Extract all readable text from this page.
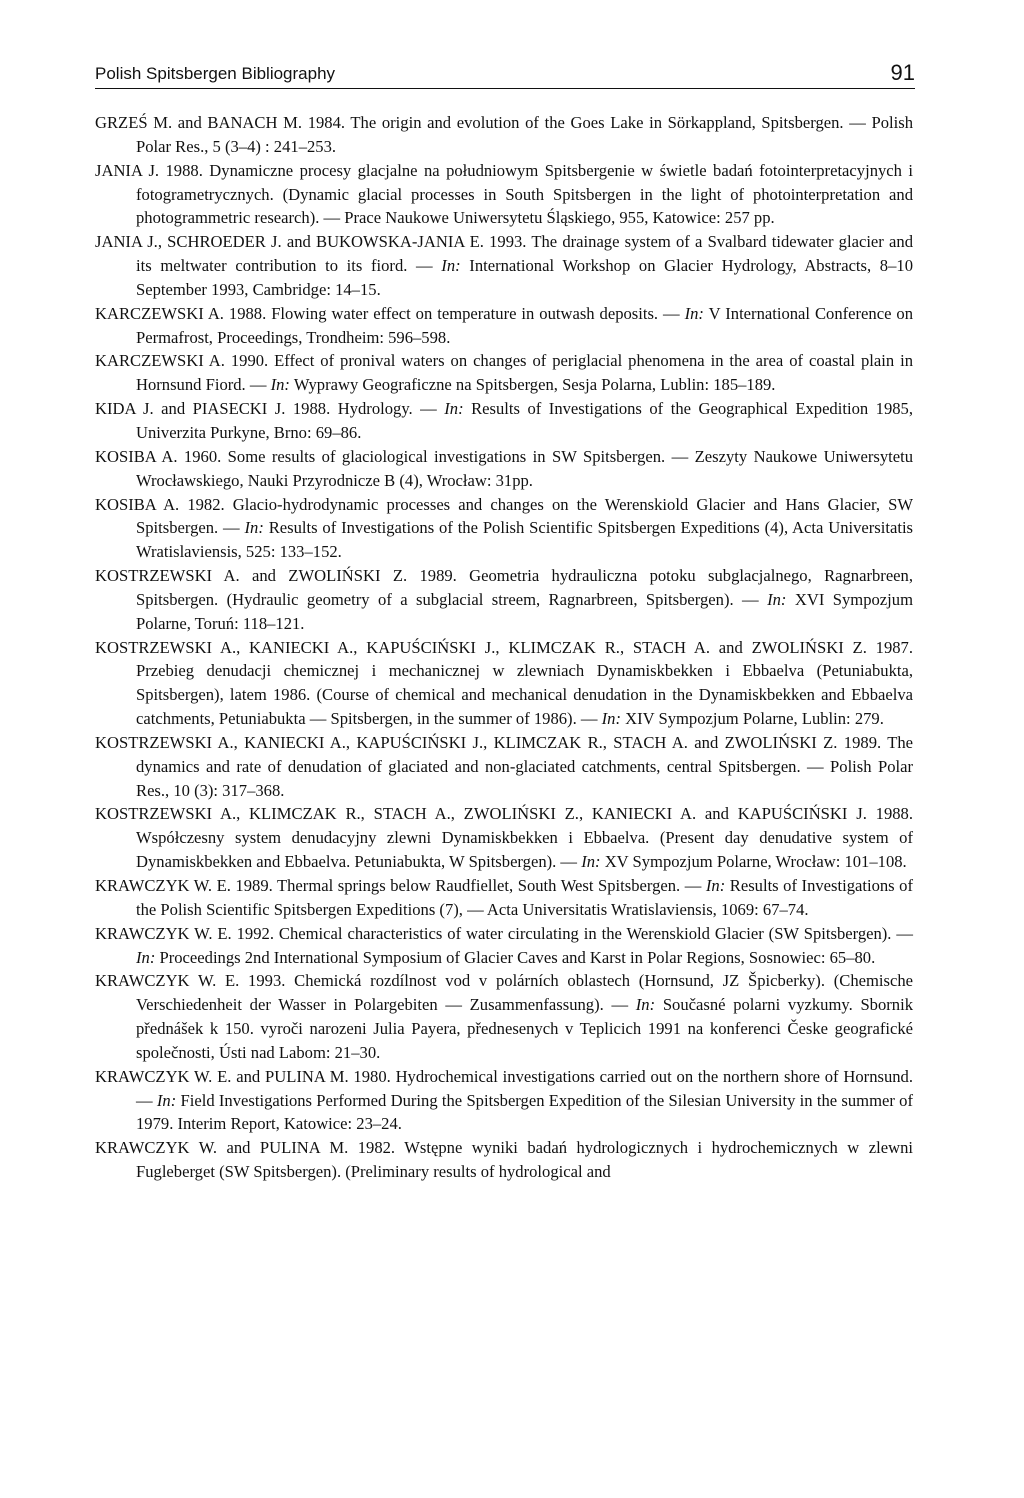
Polish Spitsbergen Bibliography	91
GRZEŚ M. and BANACH M. 1984. The origin and evolution of the Goes Lake in Sörkappland, Spitsbergen. — Polish Polar Res., 5 (3–4) : 241–253.
JANIA J. 1988. Dynamiczne procesy glacjalne na południowym Spitsbergenie w świetle badań fotointerpretacyjnych i fotogrametrycznych. (Dynamic glacial processes in South Spitsbergen in the light of photointerpretation and photogrammetric research). — Prace Naukowe Uniwersytetu Śląskiego, 955, Katowice: 257 pp.
JANIA J., SCHROEDER J. and BUKOWSKA-JANIA E. 1993. The drainage system of a Svalbard tidewater glacier and its meltwater contribution to its fiord. — In: International Workshop on Glacier Hydrology, Abstracts, 8–10 September 1993, Cambridge: 14–15.
KARCZEWSKI A. 1988. Flowing water effect on temperature in outwash deposits. — In: V International Conference on Permafrost, Proceedings, Trondheim: 596–598.
KARCZEWSKI A. 1990. Effect of pronival waters on changes of periglacial phenomena in the area of coastal plain in Hornsund Fiord. — In: Wyprawy Geograficzne na Spitsbergen, Sesja Polarna, Lublin: 185–189.
KIDA J. and PIASECKI J. 1988. Hydrology. — In: Results of Investigations of the Geographical Expedition 1985, Univerzita Purkyne, Brno: 69–86.
KOSIBA A. 1960. Some results of glaciological investigations in SW Spitsbergen. — Zeszyty Naukowe Uniwersytetu Wrocławskiego, Nauki Przyrodnicze B (4), Wrocław: 31pp.
KOSIBA A. 1982. Glacio-hydrodynamic processes and changes on the Werenskiold Glacier and Hans Glacier, SW Spitsbergen. — In: Results of Investigations of the Polish Scientific Spitsbergen Expeditions (4), Acta Universitatis Wratislaviensis, 525: 133–152.
KOSTRZEWSKI A. and ZWOLIŃSKI Z. 1989. Geometria hydrauliczna potoku subglacjalnego, Ragnarbreen, Spitsbergen. (Hydraulic geometry of a subglacial streem, Ragnarbreen, Spitsbergen). — In: XVI Sympozjum Polarne, Toruń: 118–121.
KOSTRZEWSKI A., KANIECKI A., KAPUŚCIŃSKI J., KLIMCZAK R., STACH A. and ZWOLIŃSKI Z. 1987. Przebieg denudacji chemicznej i mechanicznej w zlewniach Dynamiskbekken i Ebbaelva (Petuniabukta, Spitsbergen), latem 1986. (Course of chemical and mechanical denudation in the Dynamiskbekken and Ebbaelva catchments, Petuniabukta — Spitsbergen, in the summer of 1986). — In: XIV Sympozjum Polarne, Lublin: 279.
KOSTRZEWSKI A., KANIECKI A., KAPUŚCIŃSKI J., KLIMCZAK R., STACH A. and ZWOLIŃSKI Z. 1989. The dynamics and rate of denudation of glaciated and non-glaciated catchments, central Spitsbergen. — Polish Polar Res., 10 (3): 317–368.
KOSTRZEWSKI A., KLIMCZAK R., STACH A., ZWOLIŃSKI Z., KANIECKI A. and KAPUŚCIŃSKI J. 1988. Współczesny system denudacyjny zlewni Dynamiskbekken i Ebbaelva. (Present day denudative system of Dynamiskbekken and Ebbaelva. Petuniabukta, W Spitsbergen). — In: XV Sympozjum Polarne, Wrocław: 101–108.
KRAWCZYK W. E. 1989. Thermal springs below Raudfiellet, South West Spitsbergen. — In: Results of Investigations of the Polish Scientific Spitsbergen Expeditions (7), — Acta Universitatis Wratislaviensis, 1069: 67–74.
KRAWCZYK W. E. 1992. Chemical characteristics of water circulating in the Werenskiold Glacier (SW Spitsbergen). — In: Proceedings 2nd International Symposium of Glacier Caves and Karst in Polar Regions, Sosnowiec: 65–80.
KRAWCZYK W. E. 1993. Chemická rozdílnost vod v polárních oblastech (Hornsund, JZ Špicberky). (Chemische Verschiedenheit der Wasser in Polargebiten — Zusammenfassung). — In: Současné polarni vyzkumy. Sbornik přednášek k 150. vyroči narozeni Julia Payera, přednesenych v Teplicich 1991 na konferenci Česke geografické společnosti, Ústi nad Labom: 21–30.
KRAWCZYK W. E. and PULINA M. 1980. Hydrochemical investigations carried out on the northern shore of Hornsund. — In: Field Investigations Performed During the Spitsbergen Expedition of the Silesian University in the summer of 1979. Interim Report, Katowice: 23–24.
KRAWCZYK W. and PULINA M. 1982. Wstępne wyniki badań hydrologicznych i hydrochemicznych w zlewni Fugleberget (SW Spitsbergen). (Preliminary results of hydrological and
